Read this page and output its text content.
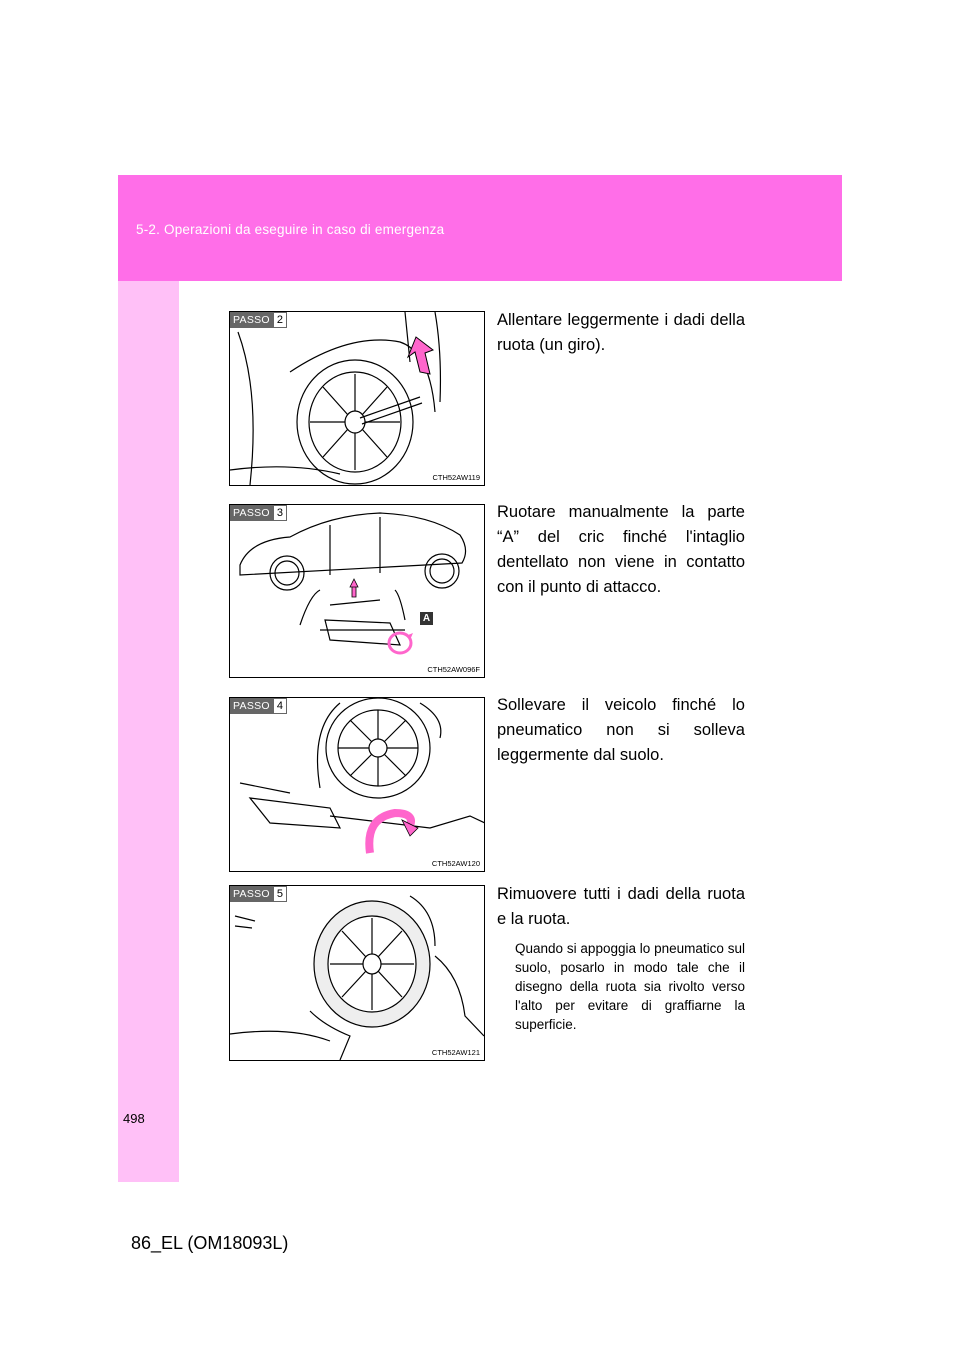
5-2. Operazioni da eseguire in caso di emergenza
PASSO 2
CTH52AW119
Allentare leggermente i dadi della ruota (un giro).
A
PASSO 3
CTH52AW096F
Ruotare manualmente la parte “A” del cric finché l'intaglio dentellato non viene in contatto con il punto di attacco.
PASSO 4
CTH52AW120
Sollevare il veicolo finché lo pneumatico non si solleva leggermente dal suolo.
PASSO 5
CTH52AW121
Rimuovere tutti i dadi della ruota e la ruota.
Quando si appoggia lo pneumatico sul suolo, posarlo in modo tale che il disegno della ruota sia rivolto verso l'alto per evitare di graffiarne la superficie.
498
86_EL (OM18093L)
